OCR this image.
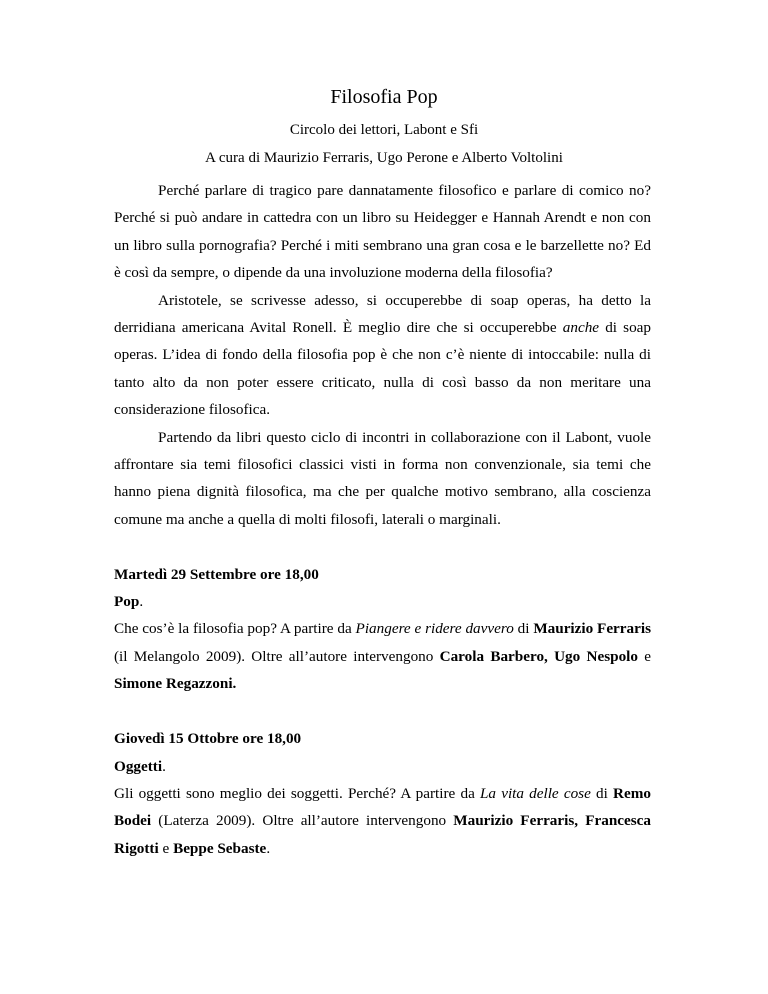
Filosofia Pop
Circolo dei lettori, Labont e Sfi
A cura di Maurizio Ferraris, Ugo Perone e Alberto Voltolini

Perché parlare di tragico pare dannatamente filosofico e parlare di comico no? Perché si può andare in cattedra con un libro su Heidegger e Hannah Arendt e non con un libro sulla pornografia? Perché i miti sembrano una gran cosa e le barzellette no? Ed è così da sempre, o dipende da una involuzione moderna della filosofia?

Aristotele, se scrivesse adesso, si occuperebbe di soap operas, ha detto la derridiana americana Avital Ronell. È meglio dire che si occuperebbe anche di soap operas. L’idea di fondo della filosofia pop è che non c’è niente di intoccabile: nulla di tanto alto da non poter essere criticato, nulla di così basso da non meritare una considerazione filosofica.

Partendo da libri questo ciclo di incontri in collaborazione con il Labont, vuole affrontare sia temi filosofici classici visti in forma non convenzionale, sia temi che hanno piena dignità filosofica, ma che per qualche motivo sembrano, alla coscienza comune ma anche a quella di molti filosofi, laterali o marginali.

Martedì 29 Settembre ore 18,00

Pop.

Che cos’è la filosofia pop? A partire da Piangere e ridere davvero di Maurizio Ferraris (il Melangolo 2009). Oltre all’autore intervengono Carola Barbero, Ugo Nespolo e Simone Regazzoni.

Giovedì 15 Ottobre ore 18,00

Oggetti.

Gli oggetti sono meglio dei soggetti. Perché? A partire da La vita delle cose di Remo Bodei (Laterza 2009). Oltre all’autore intervengono Maurizio Ferraris, Francesca Rigotti e Beppe Sebaste.
